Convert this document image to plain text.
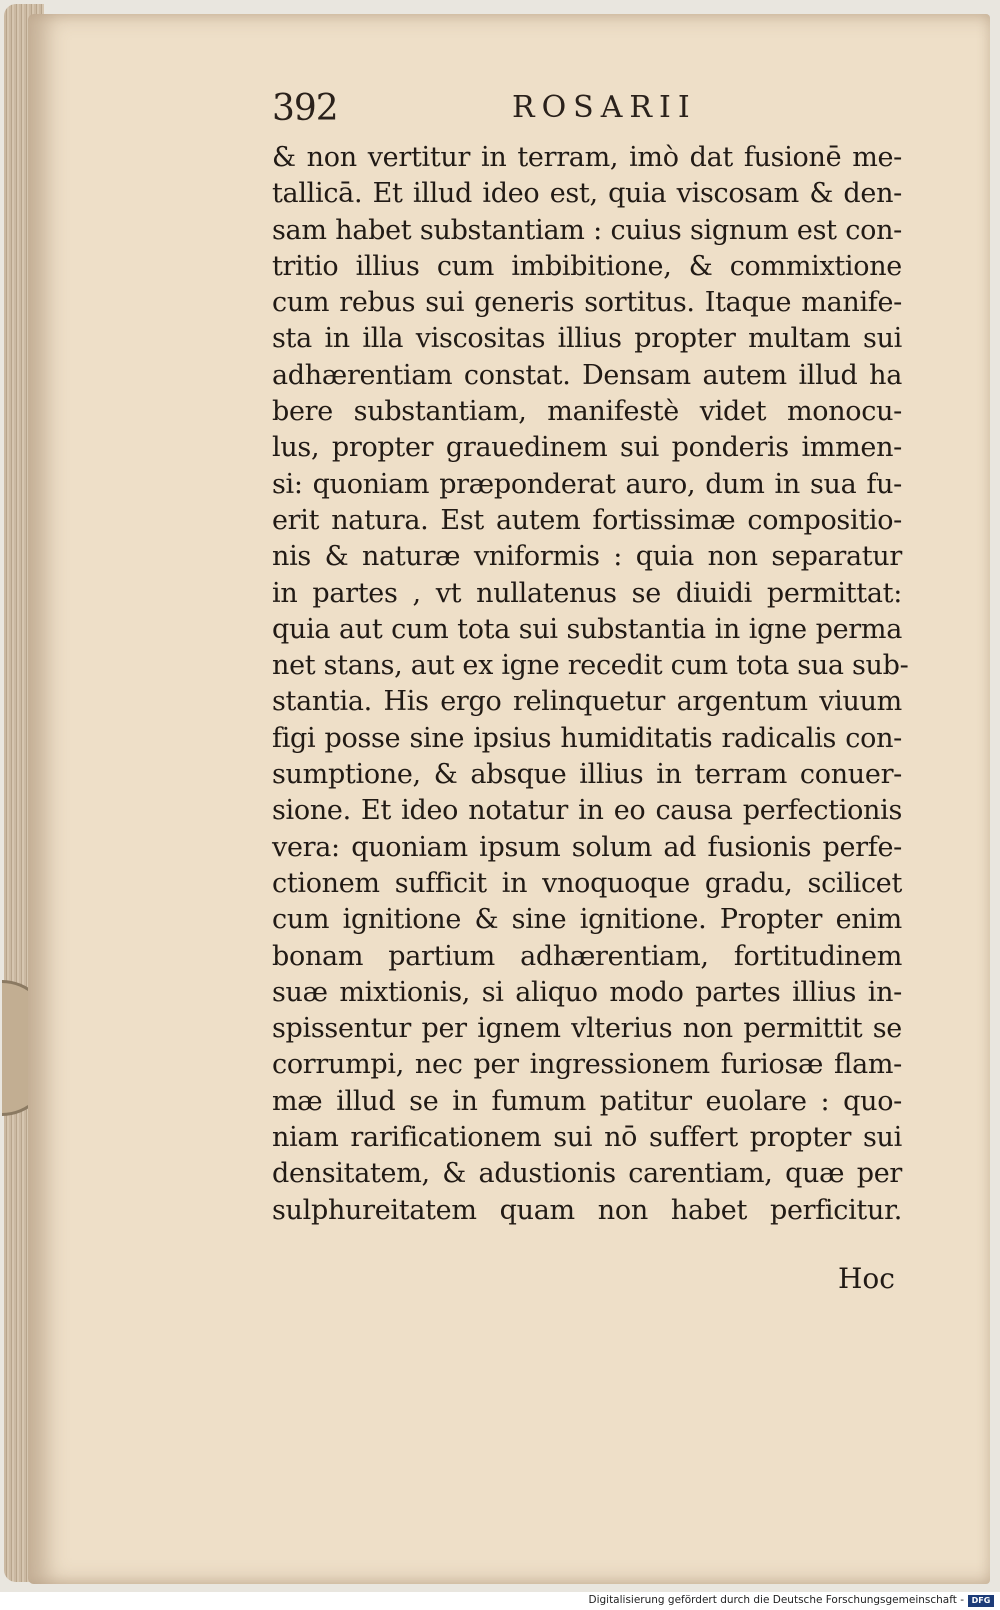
392	ROSARII
& non vertitur in terram, imò dat fusionē me-
tallicā. Et illud ideo est, quia viscosam & den-
sam habet substantiam : cuius signum est con-
tritio illius cum imbibitione, & commixtione
cum rebus sui generis sortitus. Itaque manife-
sta in illa viscositas illius propter multam sui
adhærentiam constat. Densam autem illud ha
bere substantiam, manifestè videt monocu-
lus, propter grauedinem sui ponderis immen-
si: quoniam præponderat auro, dum in sua fu-
erit natura. Est autem fortissimæ compositio-
nis & naturæ vniformis : quia non separatur
in partes , vt nullatenus se diuidi permittat:
quia aut cum tota sui substantia in igne perma
net stans, aut ex igne recedit cum tota sua sub-
stantia. His ergo relinquetur argentum viuum
figi posse sine ipsius humiditatis radicalis con-
sumptione, & absque illius in terram conuer-
sione. Et ideo notatur in eo causa perfectionis
vera: quoniam ipsum solum ad fusionis perfe-
ctionem sufficit in vnoquoque gradu, scilicet
cum ignitione & sine ignitione. Propter enim
bonam partium adhærentiam, fortitudinem
suæ mixtionis, si aliquo modo partes illius in-
spissentur per ignem vlterius non permittit se
corrumpi, nec per ingressionem furiosæ flam-
mæ illud se in fumum patitur euolare : quo-
niam rarificationem sui nō suffert propter sui
densitatem, & adustionis carentiam, quæ per
sulphureitatem quam non habet perficitur.
Hoc
Digitalisierung gefördert durch die Deutsche Forschungsgemeinschaft - DFG
